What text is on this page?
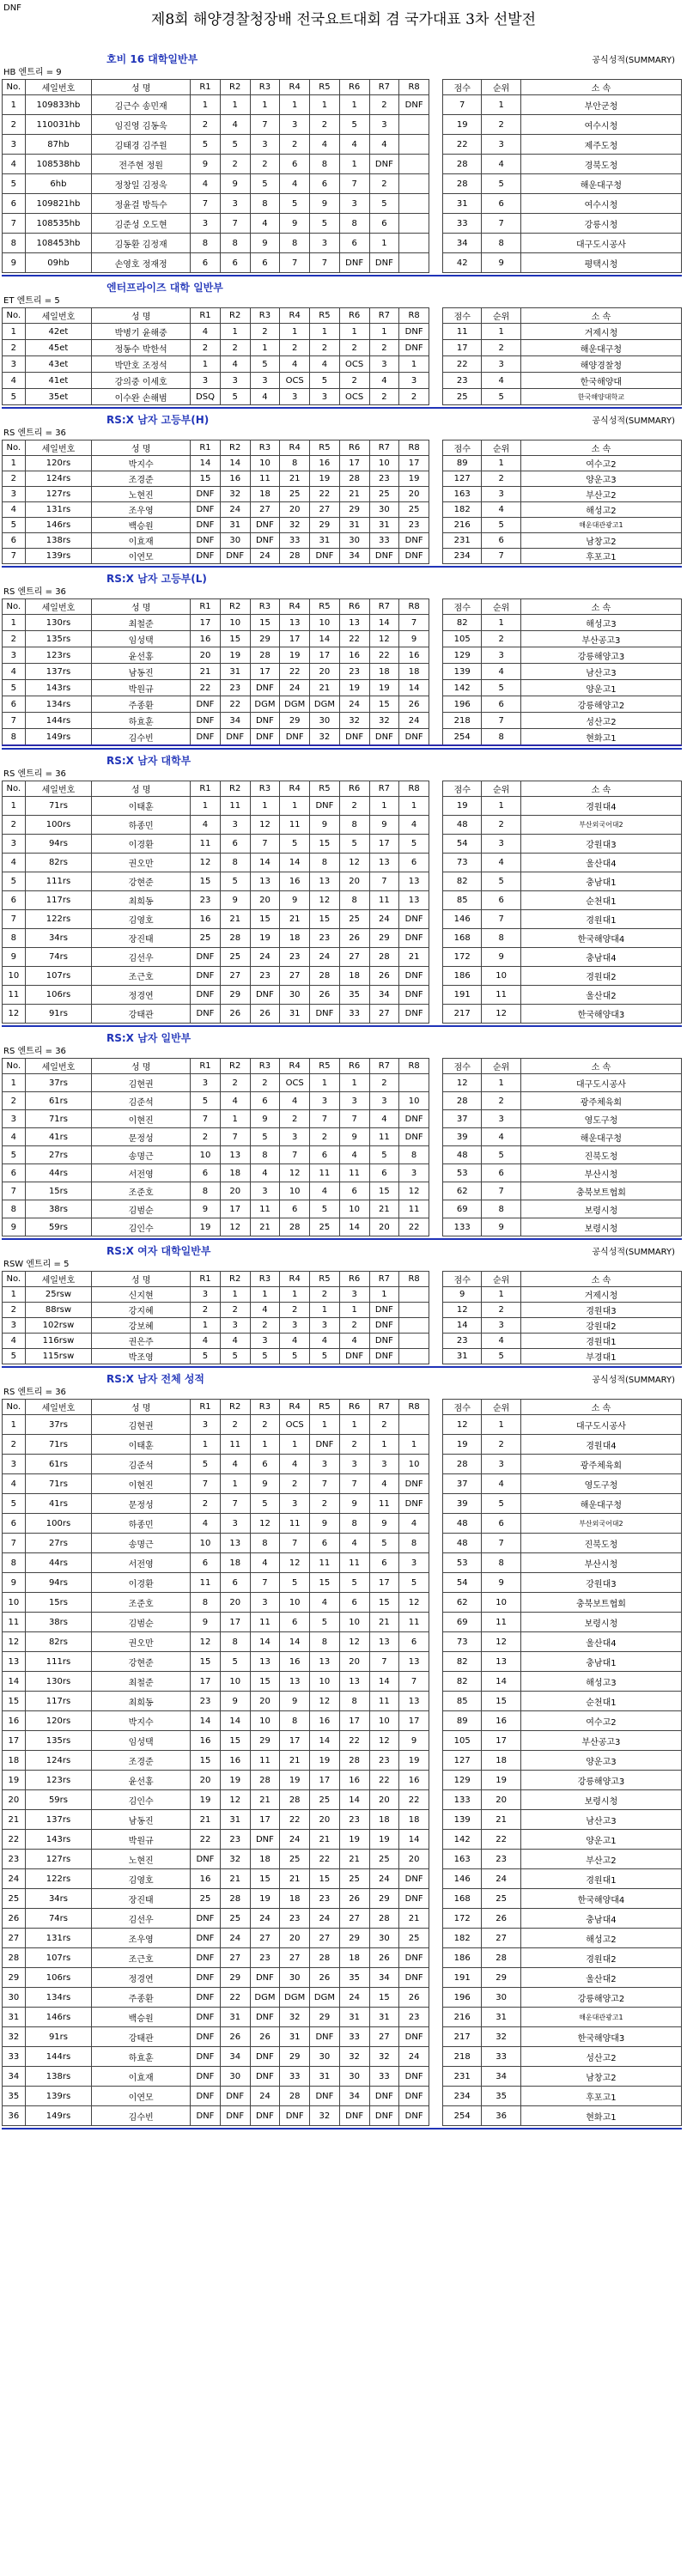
DNF
제8회 해양경찰청장배 전국요트대회 겸 국가대표 3차 선발전
호비 16 대학일반부	공식성적(SUMMARY)
HB 엔트리 = 9
No.	세일번호	성 명	R1	R2	R3	R4	R5	R6	R7	R8		점수	순위	소 속
1	109833hb	김근수 송민재	1	1	1	1	1	1	2	DNF		7	1	부안군청
2	110031hb	임진영 김동욱	2	4	7	3	2	5	3			19	2	여수시청
3	87hb	김태경 김주원	5	5	3	2	4	4	4			22	3	제주도청
4	108538hb	전주현 정원	9	2	2	6	8	1	DNF			28	4	경북도청
5	6hb	정창일 김정욱	4	9	5	4	6	7	2			28	5	해운대구청
6	109821hb	정윤걸 방득수	7	3	8	5	9	3	5			31	6	여수시청
7	108535hb	김준성 오도현	3	7	4	9	5	8	6			33	7	강릉시청
8	108453hb	김동환 김정재	8	8	9	8	3	6	1			34	8	대구도시공사
9	09hb	손영호 정재정	6	6	6	7	7	DNF	DNF			42	9	평택시청
엔터프라이즈 대학 일반부
ET 엔트리 = 5
No.	세일번호	성 명	R1	R2	R3	R4	R5	R6	R7	R8		점수	순위	소 속
1	42et	박병기 윤해중	4	1	2	1	1	1	1	DNF		11	1	거제시청
2	45et	정동수 박한석	2	2	1	2	2	2	2	DNF		17	2	해운대구청
3	43et	박만호 조정석	1	4	5	4	4	OCS	3	1		22	3	해양경찰청
4	41et	강의중 이세호	3	3	3	OCS	5	2	4	3		23	4	한국해양대
5	35et	이수완 손해범	DSQ	5	4	3	3	OCS	2	2		25	5	한국해양대학교
RS:X 남자 고등부(H)	공식성적(SUMMARY)
RS 엔트리 = 36
No.	세일번호	성 명	R1	R2	R3	R4	R5	R6	R7	R8		점수	순위	소 속
1	120rs	박지수	14	14	10	8	16	17	10	17		89	1	여수고2
2	124rs	조경준	15	16	11	21	19	28	23	19		127	2	양운고3
3	127rs	노현진	DNF	32	18	25	22	21	25	20		163	3	부산고2
4	131rs	조우영	DNF	24	27	20	27	29	30	25		182	4	해성고2
5	146rs	백승원	DNF	31	DNF	32	29	31	31	23		216	5	해운대관광고1
6	138rs	이효재	DNF	30	DNF	33	31	30	33	DNF		231	6	남창고2
7	139rs	이연모	DNF	DNF	24	28	DNF	34	DNF	DNF		234	7	후포고1
RS:X 남자 고등부(L)
RS 엔트리 = 36
No.	세일번호	성 명	R1	R2	R3	R4	R5	R6	R7	R8		점수	순위	소 속
1	130rs	최철준	17	10	15	13	10	13	14	7		82	1	해성고3
2	135rs	임성택	16	15	29	17	14	22	12	9		105	2	부산공고3
3	123rs	윤선홍	20	19	28	19	17	16	22	16		129	3	강릉해양고3
4	137rs	남동진	21	31	17	22	20	23	18	18		139	4	남산고3
5	143rs	박원규	22	23	DNF	24	21	19	19	14		142	5	양운고1
6	134rs	주종환	DNF	22	DGM	DGM	DGM	24	15	26		196	6	강릉해양고2
7	144rs	하효훈	DNF	34	DNF	29	30	32	32	24		218	7	성산고2
8	149rs	김수빈	DNF	DNF	DNF	DNF	32	DNF	DNF	DNF		254	8	현화고1
RS:X 남자 대학부
RS 엔트리 = 36
No.	세일번호	성 명	R1	R2	R3	R4	R5	R6	R7	R8		점수	순위	소 속
1	71rs	이태훈	1	11	1	1	DNF	2	1	1		19	1	경원대4
2	100rs	하종민	4	3	12	11	9	8	9	4		48	2	부산외국어대2
3	94rs	이경환	11	6	7	5	15	5	17	5		54	3	강원대3
4	82rs	권오만	12	8	14	14	8	12	13	6		73	4	울산대4
5	111rs	강현준	15	5	13	16	13	20	7	13		82	5	충남대1
6	117rs	최희동	23	9	20	9	12	8	11	13		85	6	순천대1
7	122rs	김영호	16	21	15	21	15	25	24	DNF		146	7	경원대1
8	34rs	장진태	25	28	19	18	23	26	29	DNF		168	8	한국해양대4
9	74rs	김선우	DNF	25	24	23	24	27	28	21		172	9	충남대4
10	107rs	조근호	DNF	27	23	27	28	18	26	DNF		186	10	경원대2
11	106rs	정경연	DNF	29	DNF	30	26	35	34	DNF		191	11	울산대2
12	91rs	강태관	DNF	26	26	31	DNF	33	27	DNF		217	12	한국해양대3
RS:X 남자 일반부
RS 엔트리 = 36
No.	세일번호	성 명	R1	R2	R3	R4	R5	R6	R7	R8		점수	순위	소 속
1	37rs	김현권	3	2	2	OCS	1	1	2			12	1	대구도시공사
2	61rs	김준석	5	4	6	4	3	3	3	10		28	2	광주체육회
3	71rs	이현진	7	1	9	2	7	7	4	DNF		37	3	영도구청
4	41rs	문정성	2	7	5	3	2	9	11	DNF		39	4	해운대구청
5	27rs	송명근	10	13	8	7	6	4	5	8		48	5	진북도청
6	44rs	서전영	6	18	4	12	11	11	6	3		53	6	부산시청
7	15rs	조준호	8	20	3	10	4	6	15	12		62	7	충북보트협회
8	38rs	김범순	9	17	11	6	5	10	21	11		69	8	보령시청
9	59rs	김인수	19	12	21	28	25	14	20	22		133	9	보령시청
RS:X 여자 대학일반부	공식성적(SUMMARY)
RSW 엔트리 = 5
No.	세일번호	성 명	R1	R2	R3	R4	R5	R6	R7	R8		점수	순위	소 속
1	25rsw	신지현	3	1	1	1	2	3	1			9	1	거제시청
2	88rsw	강지혜	2	2	4	2	1	1	DNF			12	2	경원대3
3	102rsw	강보혜	1	3	2	3	3	2	DNF			14	3	강원대2
4	116rsw	권은주	4	4	3	4	4	4	DNF			23	4	경원대1
5	115rsw	박조영	5	5	5	5	5	DNF	DNF			31	5	부경대1
RS:X 남자 전체 성적	공식성적(SUMMARY)
RS 엔트리 = 36
No.	세일번호	성 명	R1	R2	R3	R4	R5	R6	R7	R8		점수	순위	소 속
1	37rs	김현권	3	2	2	OCS	1	1	2			12	1	대구도시공사
2	71rs	이태훈	1	11	1	1	DNF	2	1	1		19	2	경원대4
3	61rs	김준석	5	4	6	4	3	3	3	10		28	3	광주체육회
4	71rs	이현진	7	1	9	2	7	7	4	DNF		37	4	영도구청
5	41rs	문정성	2	7	5	3	2	9	11	DNF		39	5	해운대구청
6	100rs	하종민	4	3	12	11	9	8	9	4		48	6	부산외국어대2
7	27rs	송명근	10	13	8	7	6	4	5	8		48	7	진북도청
8	44rs	서전영	6	18	4	12	11	11	6	3		53	8	부산시청
9	94rs	이경환	11	6	7	5	15	5	17	5		54	9	강원대3
10	15rs	조준호	8	20	3	10	4	6	15	12		62	10	충북보트협회
11	38rs	김범순	9	17	11	6	5	10	21	11		69	11	보령시청
12	82rs	권오만	12	8	14	14	8	12	13	6		73	12	울산대4
13	111rs	강현준	15	5	13	16	13	20	7	13		82	13	충남대1
14	130rs	최철준	17	10	15	13	10	13	14	7		82	14	해성고3
15	117rs	최희동	23	9	20	9	12	8	11	13		85	15	순천대1
16	120rs	박지수	14	14	10	8	16	17	10	17		89	16	여수고2
17	135rs	임성택	16	15	29	17	14	22	12	9		105	17	부산공고3
18	124rs	조경준	15	16	11	21	19	28	23	19		127	18	양운고3
19	123rs	윤선홍	20	19	28	19	17	16	22	16		129	19	강릉해양고3
20	59rs	김인수	19	12	21	28	25	14	20	22		133	20	보령시청
21	137rs	남동진	21	31	17	22	20	23	18	18		139	21	남산고3
22	143rs	박원규	22	23	DNF	24	21	19	19	14		142	22	양운고1
23	127rs	노현진	DNF	32	18	25	22	21	25	20		163	23	부산고2
24	122rs	김영호	16	21	15	21	15	25	24	DNF		146	24	경원대1
25	34rs	장진태	25	28	19	18	23	26	29	DNF		168	25	한국해양대4
26	74rs	김선우	DNF	25	24	23	24	27	28	21		172	26	충남대4
27	131rs	조우영	DNF	24	27	20	27	29	30	25		182	27	해성고2
28	107rs	조근호	DNF	27	23	27	28	18	26	DNF		186	28	경원대2
29	106rs	정경연	DNF	29	DNF	30	26	35	34	DNF		191	29	울산대2
30	134rs	주종환	DNF	22	DGM	DGM	DGM	24	15	26		196	30	강릉해양고2
31	146rs	백승원	DNF	31	DNF	32	29	31	31	23		216	31	해운대관광고1
32	91rs	강태관	DNF	26	26	31	DNF	33	27	DNF		217	32	한국해양대3
33	144rs	하효훈	DNF	34	DNF	29	30	32	32	24		218	33	성산고2
34	138rs	이효재	DNF	30	DNF	33	31	30	33	DNF		231	34	남창고2
35	139rs	이연모	DNF	DNF	24	28	DNF	34	DNF	DNF		234	35	후포고1
36	149rs	김수빈	DNF	DNF	DNF	DNF	32	DNF	DNF	DNF		254	36	현화고1
